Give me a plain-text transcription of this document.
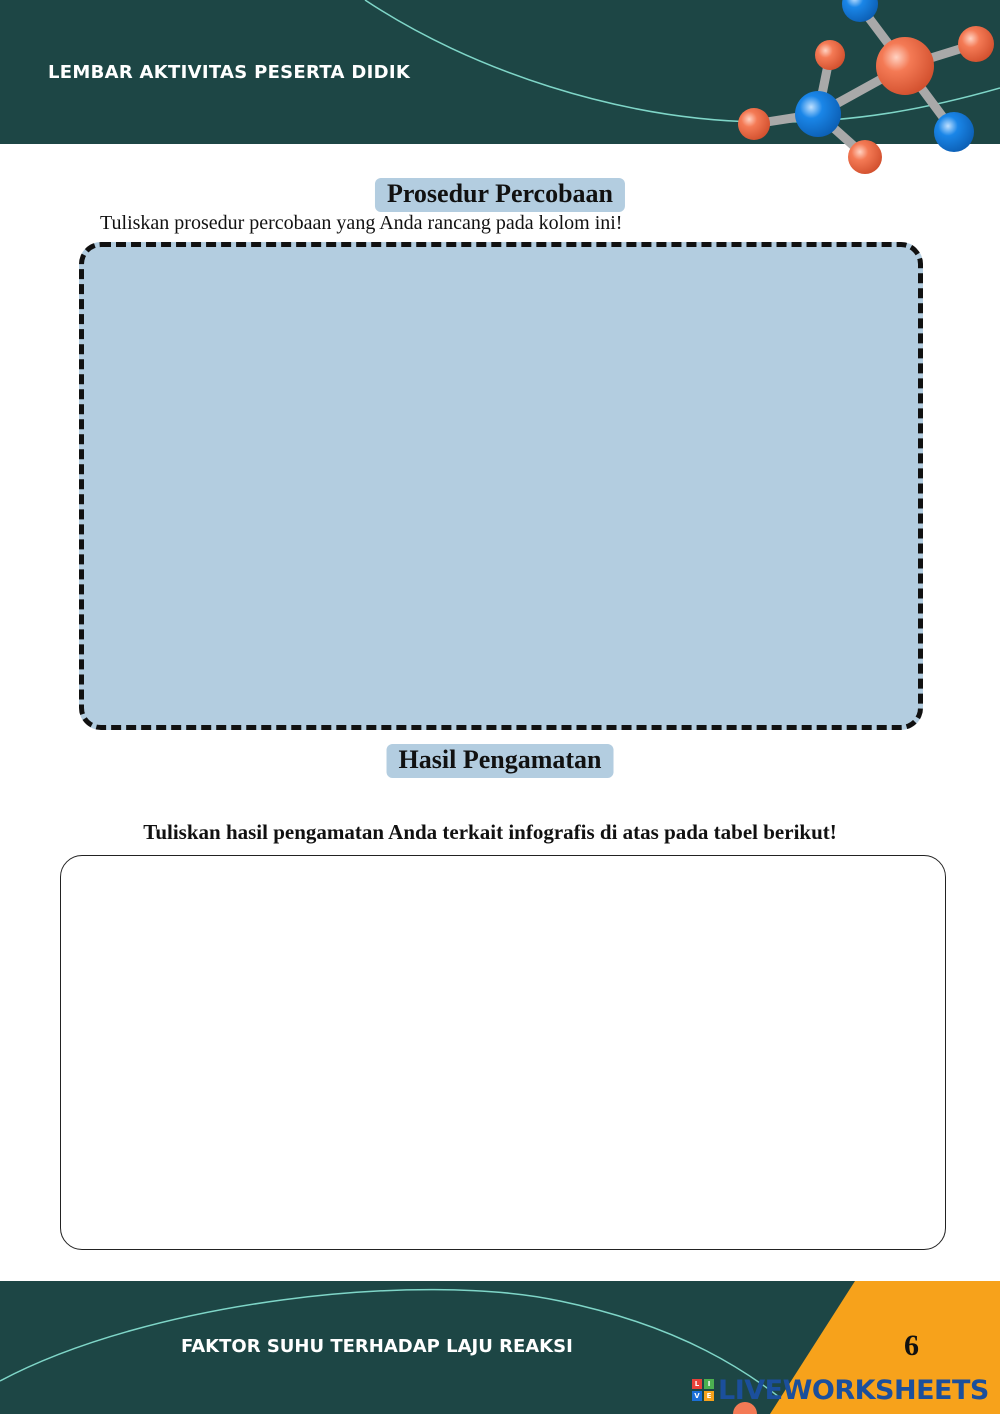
LEMBAR AKTIVITAS PESERTA DIDIK
Prosedur Percobaan
Tuliskan prosedur percobaan yang Anda rancang pada kolom ini!
Hasil Pengamatan
Tuliskan hasil pengamatan Anda terkait infografis di atas pada tabel berikut!
FAKTOR SUHU TERHADAP LAJU REAKSI	6
L	I
V E LIVEWORKSHEETS
